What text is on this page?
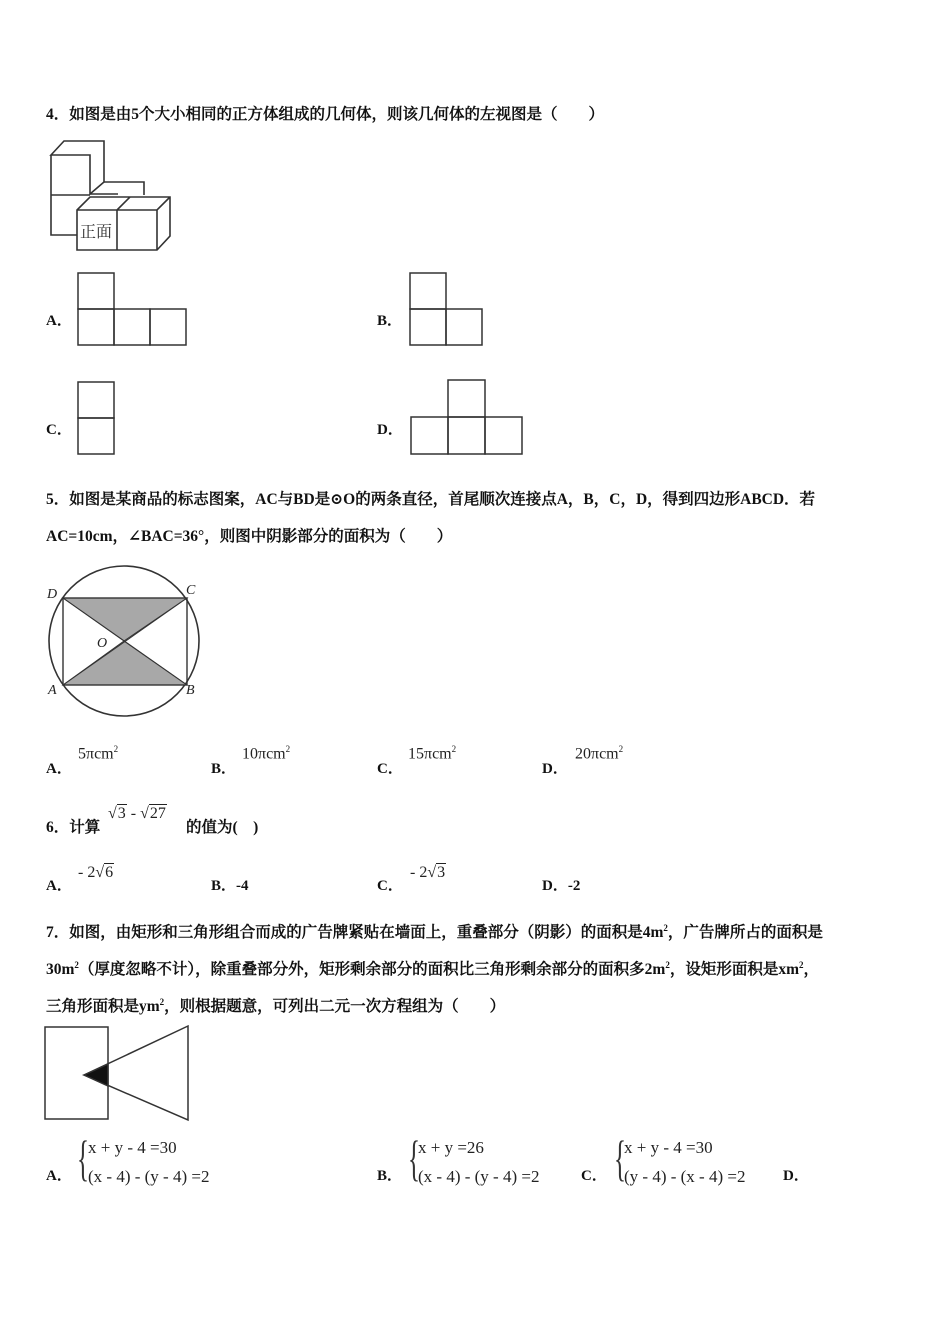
4．如图是由5个大小相同的正方体组成的几何体，则该几何体的左视图是（　　）
正面
A．	B．
C．	D．
5．如图是某商品的标志图案，AC与BD是⊙O的两条直径，首尾顺次连接点A，B，C，D，得到四边形ABCD．若
AC=10cm，∠BAC=36°，则图中阴影部分的面积为（　　）
D	C
O
A	B
A．
5πcm$^2$
B．
10πcm$^2$
C．
15πcm$^2$
D．
20πcm$^2$
6．计算
√3 - √27
的值为(　)
A．
- 2√6
B．-4	C．
- 2√3
D．-2
7．如图，由矩形和三角形组合而成的广告牌紧贴在墙面上，重叠部分（阴影）的面积是$4m^2$，广告牌所占的面积是
$30m^2$（厚度忽略不计），除重叠部分外，矩形剩余部分的面积比三角形剩余部分的面积多$2m^2$，设矩形面积是$xm^2$，
三角形面积是$ym^2$，则根据题意，可列出二元一次方程组为（　　）
A． { x + y - 4 =30
(x - 4) - (y - 4) =2	B． {
x + y =26
(x - 4) - (y - 4) =2	C． {
x + y - 4 =30
(y - 4) - (x - 4) =2	D．
